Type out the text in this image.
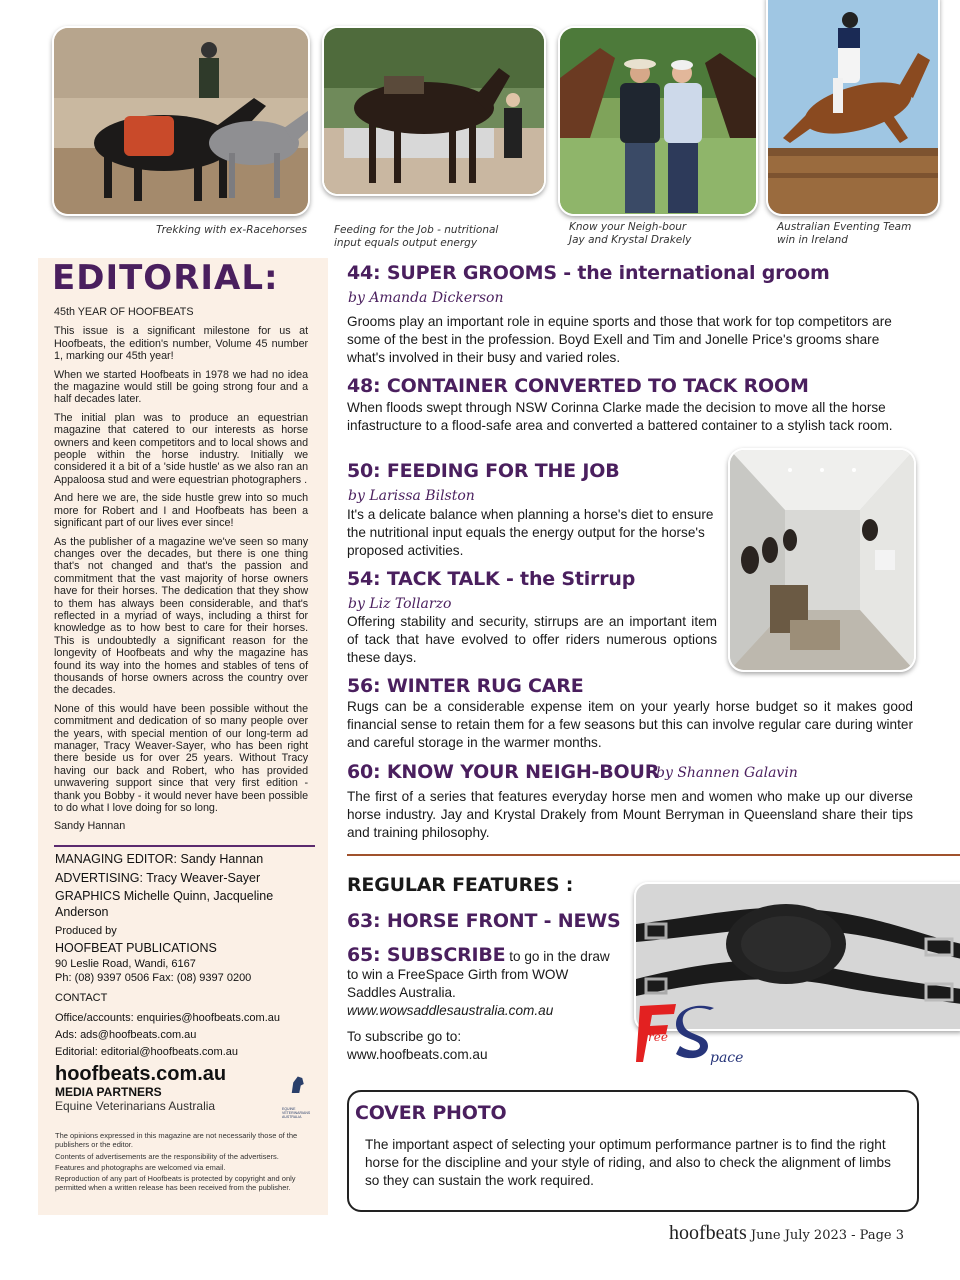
Trekking with ex-Racehorses	Feeding for the Job - nutritional
input equals output energy
Know your Neigh-bour
Jay and Krystal Drakely
Australian Eventing Team
win in Ireland
EDITORIAL:

45th YEAR OF HOOFBEATS

This issue is a significant milestone for us at Hoofbeats, the edition's number, Volume 45 number 1, marking our 45th year!

When we started Hoofbeats in 1978 we had no idea the magazine would still be going strong four and a half decades later.

The initial plan was to produce an equestrian magazine that catered to our interests as horse owners and keen competitors and to local shows and people within the horse industry. Initially we considered it a bit of a 'side hustle' as we also ran an Appaloosa stud and were equestrian photographers .

And here we are, the side hustle grew into so much more for Robert and I and Hoofbeats has been a significant part of our lives ever since!

As the publisher of a magazine we've seen so many changes over the decades, but there is one thing that's not changed and that's the passion and commitment that the vast majority of horse owners have for their horses. The dedication that they show to them has always been considerable, and that's reflected in a myriad of ways, including a thirst for knowledge as to how best to care for their horses. This is undoubtedly a significant reason for the longevity of Hoofbeats and why the magazine has found its way into the homes and stables of tens of thousands of horse owners across the country over the decades.

None of this would have been possible without the commitment and dedication of so many people over the years, with special mention of our long-term ad manager, Tracy Weaver-Sayer, who has been right there beside us for over 25 years. Without Tracy having our back and Robert, who has provided unwavering support since that very first edition - thank you Bobby - it would never have been possible to do what I love doing for so long.

Sandy Hannan

MANAGING EDITOR: Sandy Hannan
ADVERTISING: Tracy Weaver-Sayer
GRAPHICS Michelle Quinn, Jacqueline Anderson
Produced by
HOOFBEAT PUBLICATIONS
90 Leslie Road, Wandi, 6167
Ph: (08) 9397 0506 Fax: (08) 9397 0200
CONTACT
Office/accounts: enquiries@hoofbeats.com.au
Ads: ads@hoofbeats.com.au
Editorial: editorial@hoofbeats.com.au
hoofbeats.com.au
MEDIA PARTNERS
Equine Veterinarians Australia	EQUINE VETERINARIANS AUSTRALIA

The opinions expressed in this magazine are not necessarily those of the publishers or the editor.

Contents of advertisements are the responsibility of the advertisers.

Features and photographs are welcomed via email.

Reproduction of any part of Hoofbeats is protected by copyright and only permitted when a written release has been received from the publisher.

44: SUPER GROOMS - the international groom
by Amanda Dickerson
Grooms play an important role in equine sports and those that work for top competitors are some of the best in the profession. Boyd Exell and Tim and Jonelle Price's grooms share what's involved in their busy and varied roles.
48: CONTAINER CONVERTED TO TACK ROOM
When floods swept through NSW Corinna Clarke made the decision to move all the horse infastructure to a flood-safe area and converted a battered container to a stylish tack room.
50: FEEDING FOR THE JOB
by Larissa Bilston
It's a delicate balance when planning a horse's diet to ensure the nutritional input equals the energy output for the horse's proposed activities.
54: TACK TALK - the Stirrup
by Liz Tollarzo
Offering stability and security, stirrups are an important item of tack that have evolved to offer riders numerous options these days.
56: WINTER RUG CARE
Rugs can be a considerable expense item on your yearly horse budget so it makes good financial sense to retain them for a few seasons but this can involve regular care during winter and careful storage in the warmer months.
60: KNOW YOUR NEIGH-BOUR
by Shannen Galavin
The first of a series that features everyday horse men and women who make up our diverse horse industry. Jay and Krystal Drakely from Mount Berryman in Queensland share their tips and training philosophy.
REGULAR FEATURES :
63: HORSE FRONT - NEWS
65: SUBSCRIBE to go in the draw
to win a FreeSpace Girth from WOW
Saddles Australia.
www.wowsaddlesaustralia.com.au
To subscribe go to:
www.hoofbeats.com.au
ree
pace
COVER PHOTO
The important aspect of selecting your optimum performance partner is to find the right horse for the discipline and your style of riding, and also to check the alignment of limbs so they can sustain the work required.
hoofbeats June July 2023 - Page 3
